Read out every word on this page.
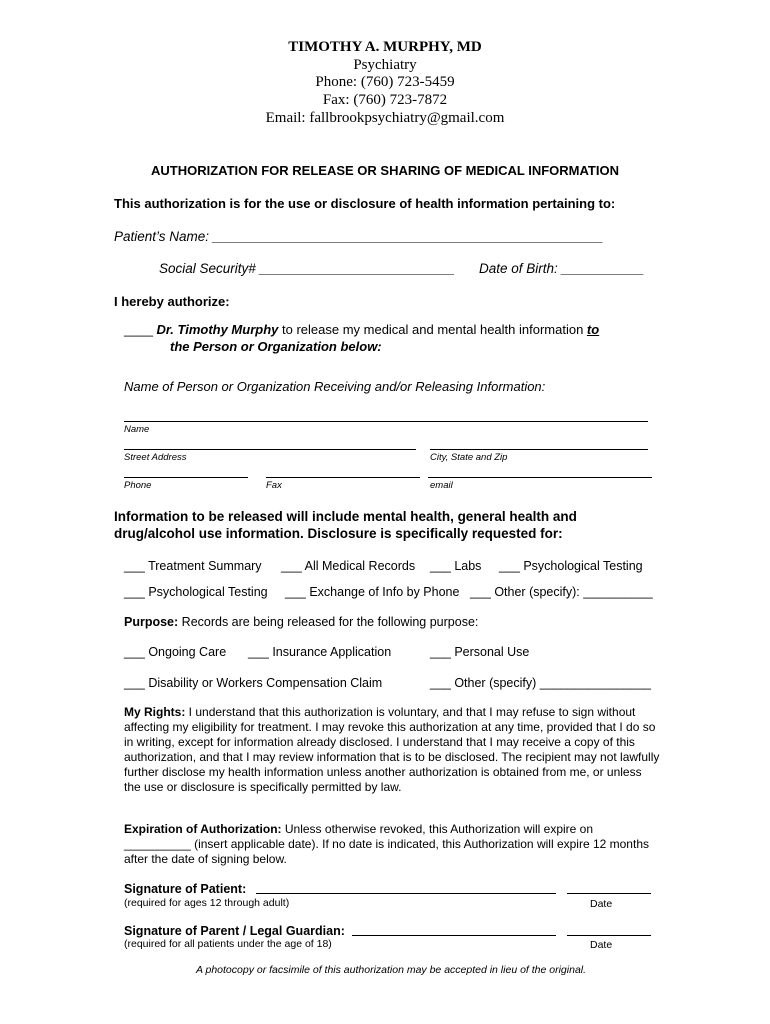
TIMOTHY A. MURPHY, MD
Psychiatry
Phone: (760) 723-5459
Fax: (760) 723-7872
Email: fallbrookpsychiatry@gmail.com
AUTHORIZATION FOR RELEASE OR SHARING OF MEDICAL INFORMATION
This authorization is for the use or disclosure of health information pertaining to:
Patient’s Name: ____________________________________________________
Social Security# __________________________ Date of Birth: ___________
I hereby authorize:
____ Dr. Timothy Murphy to release my medical and mental health information to
the Person or Organization below:
Name of Person or Organization Receiving and/or Releasing Information:
Name
Street Address	City, State and Zip
Phone	Fax	email
Information to be released will include mental health, general health and
drug/alcohol use information. Disclosure is specifically requested for:
___ Treatment Summary ___ All Medical Records ___ Labs ___ Psychological Testing
___ Psychological Testing ___ Exchange of Info by Phone ___ Other (specify): __________
Purpose: Records are being released for the following purpose:
___ Ongoing Care ___ Insurance Application	___ Personal Use
___ Disability or Workers Compensation Claim	___ Other (specify) ________________
My Rights: I understand that this authorization is voluntary, and that I may refuse to sign without affecting my eligibility for treatment. I may revoke this authorization at any time, provided that I do so in writing, except for information already disclosed. I understand that I may receive a copy of this authorization, and that I may review information that is to be disclosed. The recipient may not lawfully further disclose my health information unless another authorization is obtained from me, or unless the use or disclosure is specifically permitted by law.
Expiration of Authorization: Unless otherwise revoked, this Authorization will expire on __________ (insert applicable date). If no date is indicated, this Authorization will expire 12 months after the date of signing below.
Signature of Patient:
(required for ages 12 through adult)	Date
Signature of Parent / Legal Guardian:
(required for all patients under the age of 18)	Date
A photocopy or facsimile of this authorization may be accepted in lieu of the original.
